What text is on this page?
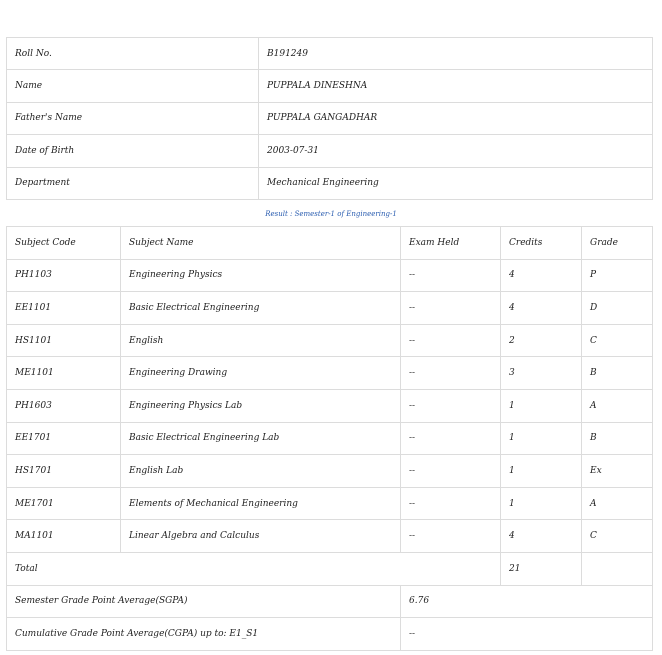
Roll No.	B191249
Name	PUPPALA DINESHNA
Father's Name	PUPPALA GANGADHAR
Date of Birth	2003-07-31
Department	Mechanical Engineering
Result : Semester-1 of Engineering-1
Subject Code	Subject Name	Exam Held	Credits	Grade
PH1103	Engineering Physics	--	4	P
EE1101	Basic Electrical Engineering	--	4	D
HS1101	English	--	2	C
ME1101	Engineering Drawing	--	3	B
PH1603	Engineering Physics Lab	--	1	A
EE1701	Basic Electrical Engineering Lab	--	1	B
HS1701	English Lab	--	1	Ex
ME1701	Elements of Mechanical Engineering	--	1	A
MA1101	Linear Algebra and Calculus	--	4	C
Total			21	
Semester Grade Point Average(SGPA)		6.76		
Cumulative Grade Point Average(CGPA) up to: E1_S1		--		
